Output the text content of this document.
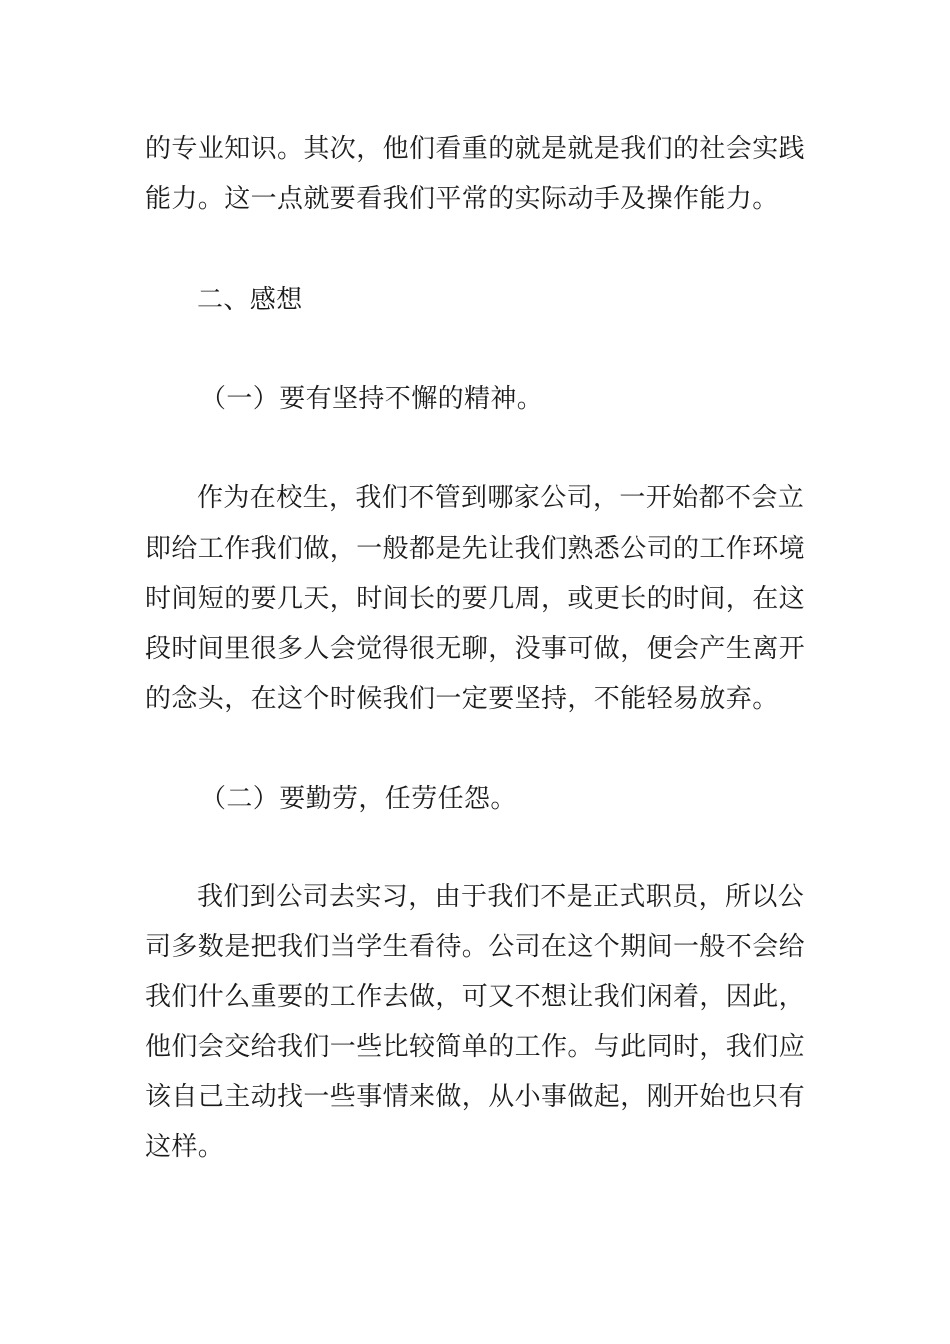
的专业知识。其次，他们看重的就是就是我们的社会实践
能力。这一点就要看我们平常的实际动手及操作能力。
二、感想
（一）要有坚持不懈的精神。
作为在校生，我们不管到哪家公司，一开始都不会立
即给工作我们做，一般都是先让我们熟悉公司的工作环境
时间短的要几天，时间长的要几周，或更长的时间，在这
段时间里很多人会觉得很无聊，没事可做，便会产生离开
的念头，在这个时候我们一定要坚持，不能轻易放弃。
（二）要勤劳，任劳任怨。
我们到公司去实习，由于我们不是正式职员，所以公
司多数是把我们当学生看待。公司在这个期间一般不会给
我们什么重要的工作去做，可又不想让我们闲着，因此，
他们会交给我们一些比较简单的工作。与此同时，我们应
该自己主动找一些事情来做，从小事做起，刚开始也只有
这样。
